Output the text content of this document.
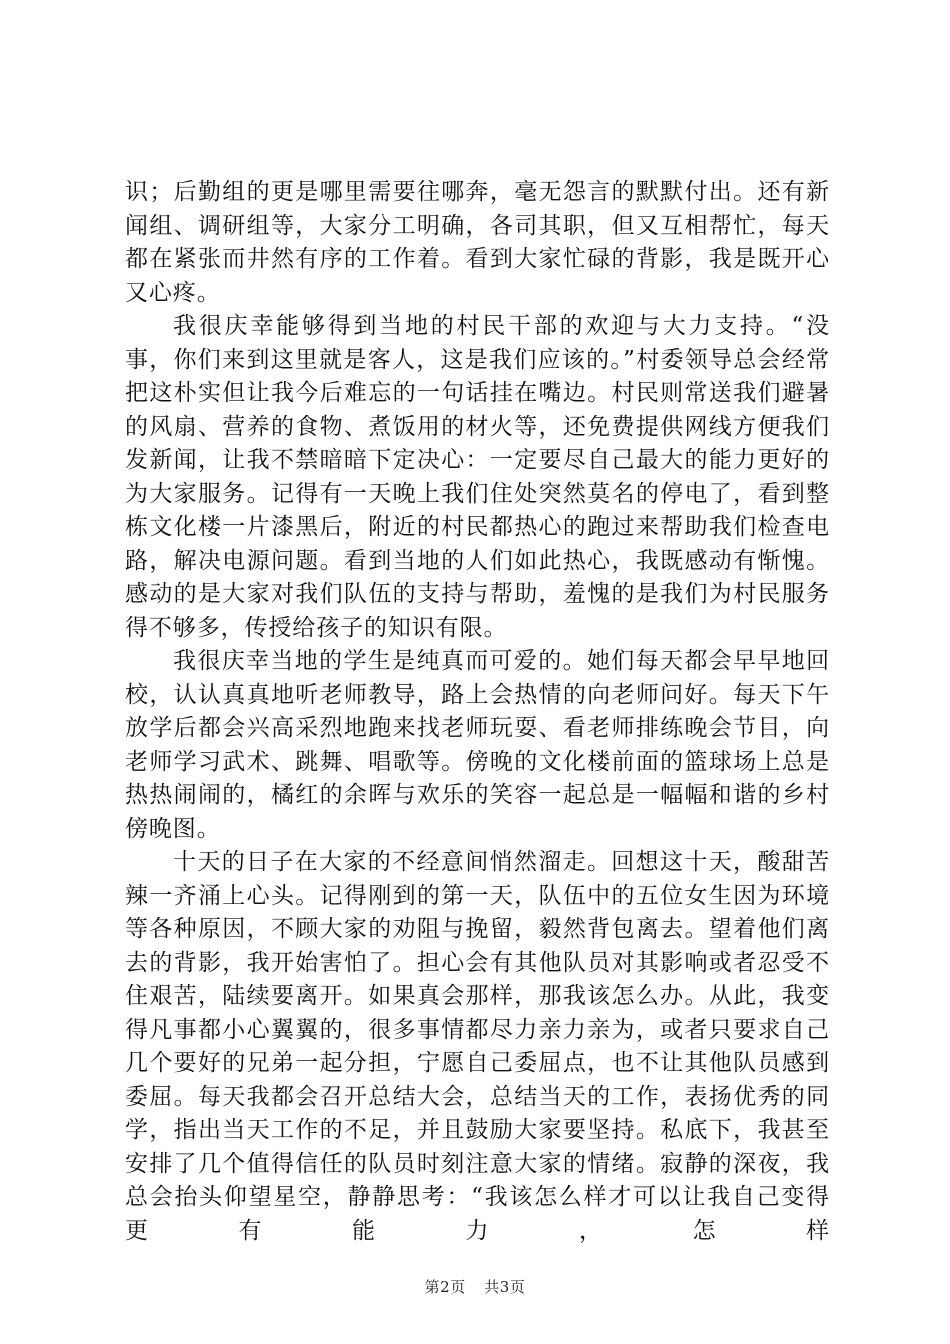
识；后勤组的更是哪里需要往哪奔，毫无怨言的默默付出。还有新闻组、调研组等，大家分工明确，各司其职，但又互相帮忙，每天都在紧张而井然有序的工作着。看到大家忙碌的背影，我是既开心又心疼。

我很庆幸能够得到当地的村民干部的欢迎与大力支持。“没事，你们来到这里就是客人，这是我们应该的。”村委领导总会经常把这朴实但让我今后难忘的一句话挂在嘴边。村民则常送我们避暑的风扇、营养的食物、煮饭用的材火等，还免费提供网线方便我们发新闻，让我不禁暗暗下定决心：一定要尽自己最大的能力更好的为大家服务。记得有一天晚上我们住处突然莫名的停电了，看到整栋文化楼一片漆黑后，附近的村民都热心的跑过来帮助我们检查电路，解决电源问题。看到当地的人们如此热心，我既感动有惭愧。感动的是大家对我们队伍的支持与帮助，羞愧的是我们为村民服务得不够多，传授给孩子的知识有限。

我很庆幸当地的学生是纯真而可爱的。她们每天都会早早地回校，认认真真地听老师教导，路上会热情的向老师问好。每天下午放学后都会兴高采烈地跑来找老师玩耍、看老师排练晚会节目，向老师学习武术、跳舞、唱歌等。傍晚的文化楼前面的篮球场上总是热热闹闹的，橘红的余晖与欢乐的笑容一起总是一幅幅和谐的乡村傍晚图。

十天的日子在大家的不经意间悄然溜走。回想这十天，酸甜苦辣一齐涌上心头。记得刚到的第一天，队伍中的五位女生因为环境等各种原因，不顾大家的劝阻与挽留，毅然背包离去。望着他们离去的背影，我开始害怕了。担心会有其他队员对其影响或者忍受不住艰苦，陆续要离开。如果真会那样，那我该怎么办。从此，我变得凡事都小心翼翼的，很多事情都尽力亲力亲为，或者只要求自己几个要好的兄弟一起分担，宁愿自己委屈点，也不让其他队员感到委屈。每天我都会召开总结大会，总结当天的工作，表扬优秀的同学，指出当天工作的不足，并且鼓励大家要坚持。私底下，我甚至安排了几个值得信任的队员时刻注意大家的情绪。寂静的深夜，我总会抬头仰望星空，静静思考：“我该怎么样才可以让我自己变得更有能力，怎样

第2页 共3页
